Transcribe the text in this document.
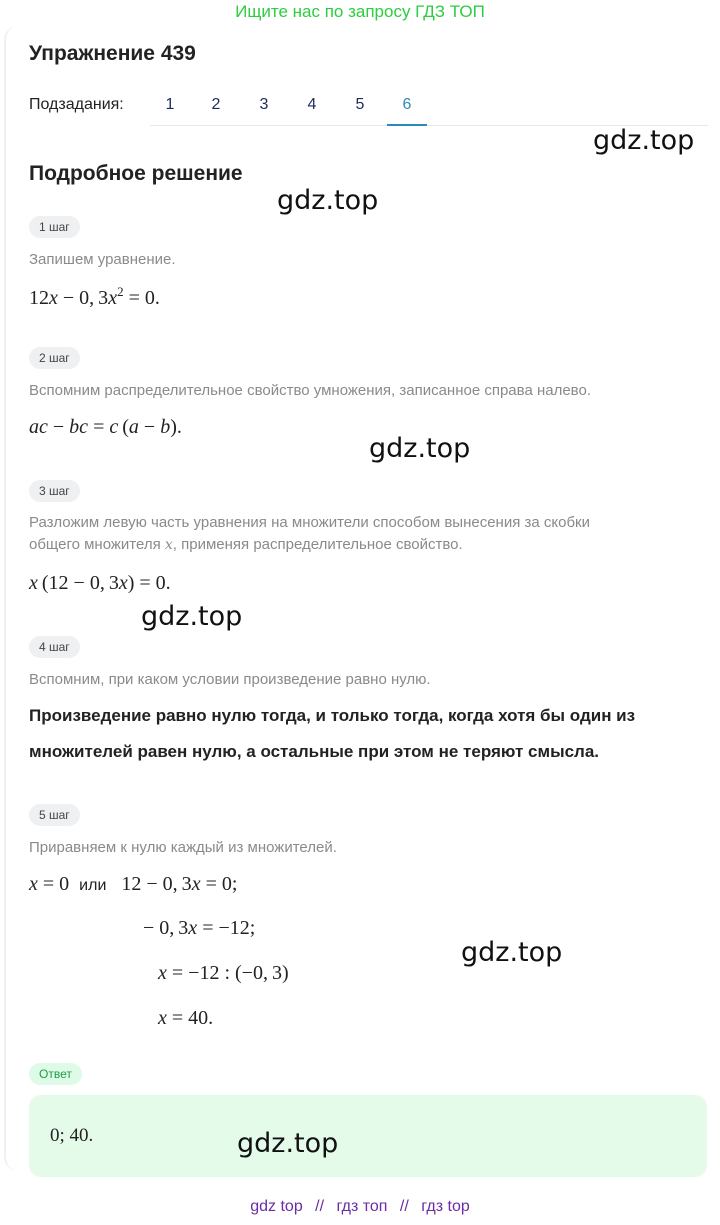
Ищите нас по запросу ГДЗ ТОП
Упражнение 439
Подзадания:	1	2	3	4	5	6
Подробное решение
1 шаг
Запишем уравнение.
12x − 0, $3x^2 = 0$.
2 шаг
Вспомним распределительное свойство умножения, записанное справа налево.
ac − bc = c (a − b).
3 шаг
Разложим левую часть уравнения на множители способом вынесения за скобки
общего множителя x, применяя распределительное свойство.
x (12 − 0, 3x) = 0.
4 шаг
Вспомним, при каком условии произведение равно нулю.
Произведение равно нулю тогда, и только тогда, когда хотя бы один из
множителей равен нулю, а остальные при этом не теряют смысла.
5 шаг
Приравняем к нулю каждый из множителей.
x = 0  или   12 − 0, 3x = 0;
− 0, 3x = −12;
x = −12 : (−0, 3)
x = 40.
Ответ
0; 40.
gdz.top
gdz.top
gdz.top
gdz.top
gdz.top
gdz.top
gdz top // гдз топ // гдз top
